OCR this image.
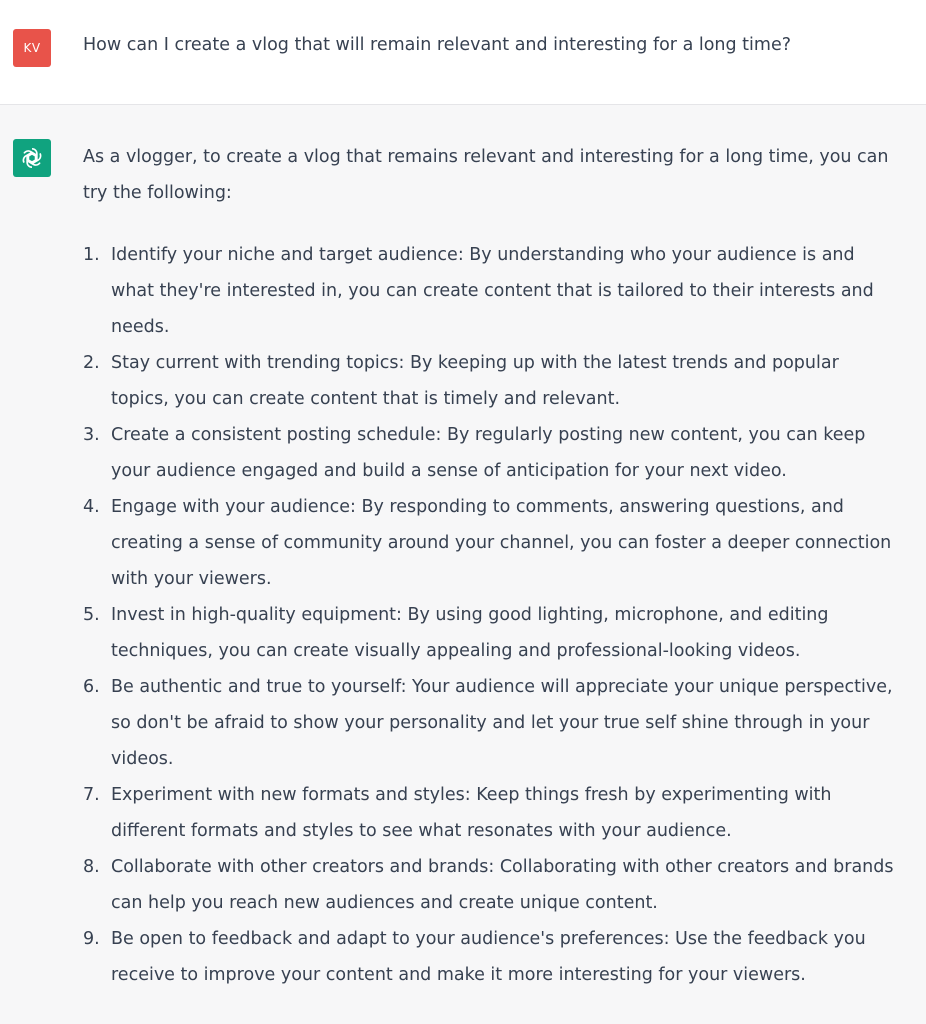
KV	How can I create a vlog that will remain relevant and interesting for a long time?

As a vlogger, to create a vlog that remains relevant and interesting for a long time, you can
try the following:

1. Identify your niche and target audience: By understanding who your audience is and
what they're interested in, you can create content that is tailored to their interests and
needs.
2. Stay current with trending topics: By keeping up with the latest trends and popular
topics, you can create content that is timely and relevant.
3. Create a consistent posting schedule: By regularly posting new content, you can keep
your audience engaged and build a sense of anticipation for your next video.
4. Engage with your audience: By responding to comments, answering questions, and
creating a sense of community around your channel, you can foster a deeper connection
with your viewers.
5. Invest in high-quality equipment: By using good lighting, microphone, and editing
techniques, you can create visually appealing and professional-looking videos.
6. Be authentic and true to yourself: Your audience will appreciate your unique perspective,
so don't be afraid to show your personality and let your true self shine through in your
videos.
7. Experiment with new formats and styles: Keep things fresh by experimenting with
different formats and styles to see what resonates with your audience.
8. Collaborate with other creators and brands: Collaborating with other creators and brands
can help you reach new audiences and create unique content.
9. Be open to feedback and adapt to your audience's preferences: Use the feedback you
receive to improve your content and make it more interesting for your viewers.
